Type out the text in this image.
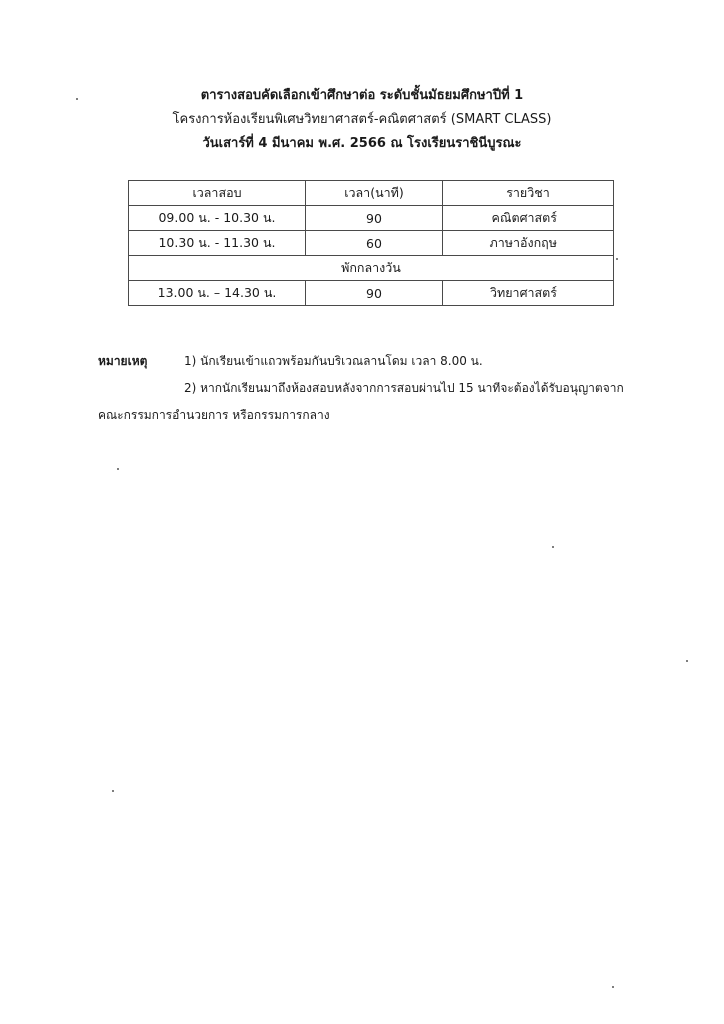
ตารางสอบคัดเลือกเข้าศึกษาต่อ ระดับชั้นมัธยมศึกษาปีที่ 1
โครงการห้องเรียนพิเศษวิทยาศาสตร์-คณิตศาสตร์ (SMART CLASS)
วันเสาร์ที่ 4 มีนาคม พ.ศ. 2566 ณ โรงเรียนราชินีบูรณะ
เวลาสอบ	เวลา(นาที)	รายวิชา
09.00 น. - 10.30 น.	90	คณิตศาสตร์
10.30 น. - 11.30 น.	60	ภาษาอังกฤษ
พักกลางวัน		
13.00 น. – 14.30 น.	90	วิทยาศาสตร์
หมายเหตุ	1) นักเรียนเข้าแถวพร้อมกันบริเวณลานโดม เวลา 8.00 น.
2) หากนักเรียนมาถึงห้องสอบหลังจากการสอบผ่านไป 15 นาทีจะต้องได้รับอนุญาตจาก
คณะกรรมการอำนวยการ หรือกรรมการกลาง
